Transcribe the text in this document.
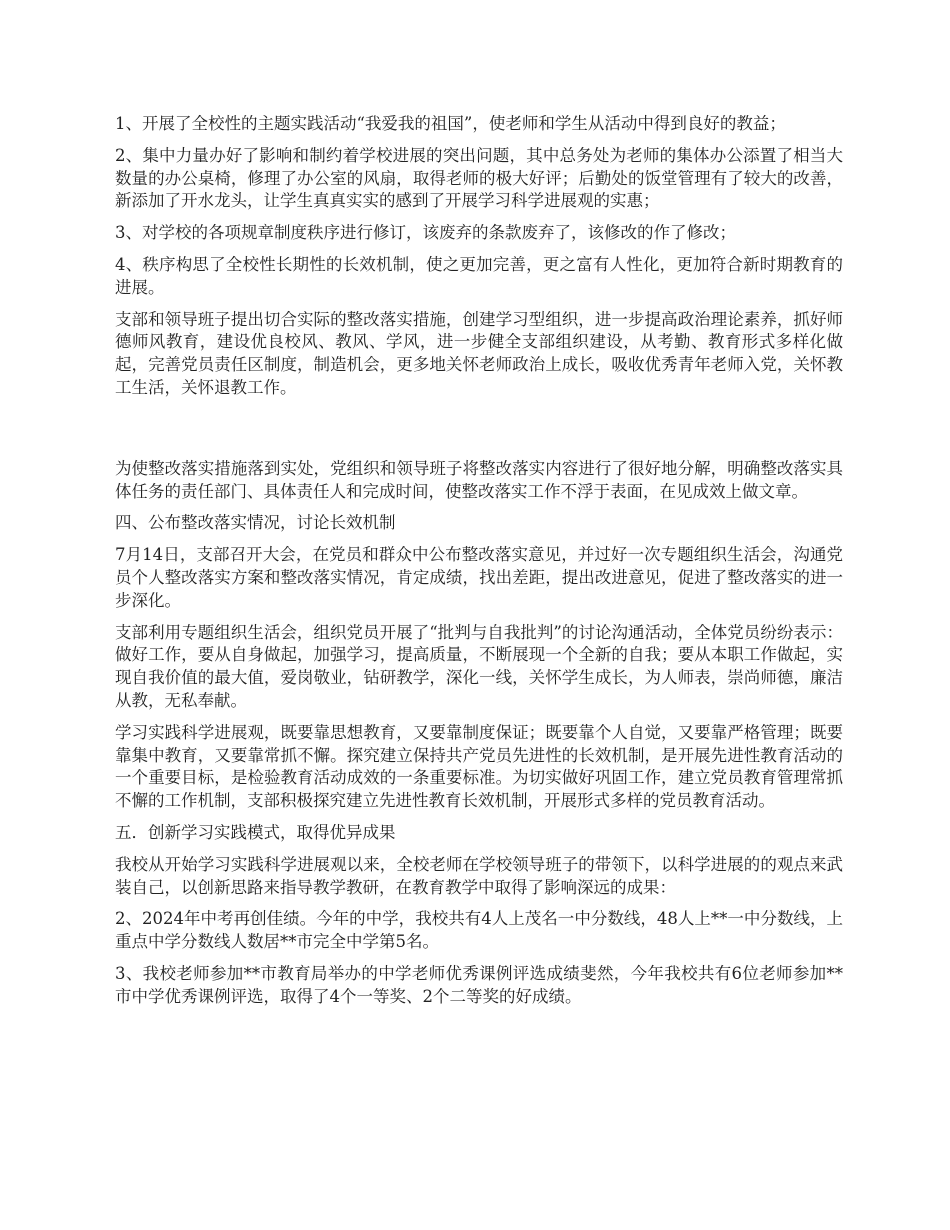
1、开展了全校性的主题实践活动“我爱我的祖国”，使老师和学生从活动中得到良好的教益；

2、集中力量办好了影响和制约着学校进展的突出问题，其中总务处为老师的集体办公添置了相当大数量的办公桌椅，修理了办公室的风扇，取得老师的极大好评；后勤处的饭堂管理有了较大的改善，新添加了开水龙头，让学生真真实实的感到了开展学习科学进展观的实惠；

3、对学校的各项规章制度秩序进行修订，该废弃的条款废弃了，该修改的作了修改；

4、秩序构思了全校性长期性的长效机制，使之更加完善，更之富有人性化，更加符合新时期教育的进展。

支部和领导班子提出切合实际的整改落实措施，创建学习型组织，进一步提高政治理论素养，抓好师德师风教育，建设优良校风、教风、学风，进一步健全支部组织建设，从考勤、教育形式多样化做起，完善党员责任区制度，制造机会，更多地关怀老师政治上成长，吸收优秀青年老师入党，关怀教工生活，关怀退教工作。

为使整改落实措施落到实处，党组织和领导班子将整改落实内容进行了很好地分解，明确整改落实具体任务的责任部门、具体责任人和完成时间，使整改落实工作不浮于表面，在见成效上做文章。

四、公布整改落实情况，讨论长效机制

7月14日，支部召开大会，在党员和群众中公布整改落实意见，并过好一次专题组织生活会，沟通党员个人整改落实方案和整改落实情况，肯定成绩，找出差距，提出改进意见，促进了整改落实的进一步深化。

支部利用专题组织生活会，组织党员开展了“批判与自我批判”的讨论沟通活动，全体党员纷纷表示：做好工作，要从自身做起，加强学习，提高质量，不断展现一个全新的自我；要从本职工作做起，实现自我价值的最大值，爱岗敬业，钻研教学，深化一线，关怀学生成长，为人师表，崇尚师德，廉洁从教，无私奉献。

学习实践科学进展观，既要靠思想教育，又要靠制度保证；既要靠个人自觉，又要靠严格管理；既要靠集中教育，又要靠常抓不懈。探究建立保持共产党员先进性的长效机制，是开展先进性教育活动的一个重要目标，是检验教育活动成效的一条重要标准。为切实做好巩固工作，建立党员教育管理常抓不懈的工作机制，支部积极探究建立先进性教育长效机制，开展形式多样的党员教育活动。

五．创新学习实践模式，取得优异成果

我校从开始学习实践科学进展观以来，全校老师在学校领导班子的带领下，以科学进展的的观点来武装自己，以创新思路来指导教学教研，在教育教学中取得了影响深远的成果：

2、2024年中考再创佳绩。今年的中学，我校共有4人上茂名一中分数线，48人上**一中分数线，上重点中学分数线人数居**市完全中学第5名。

3、我校老师参加**市教育局举办的中学老师优秀课例评选成绩斐然，今年我校共有6位老师参加**市中学优秀课例评选，取得了4个一等奖、2个二等奖的好成绩。
